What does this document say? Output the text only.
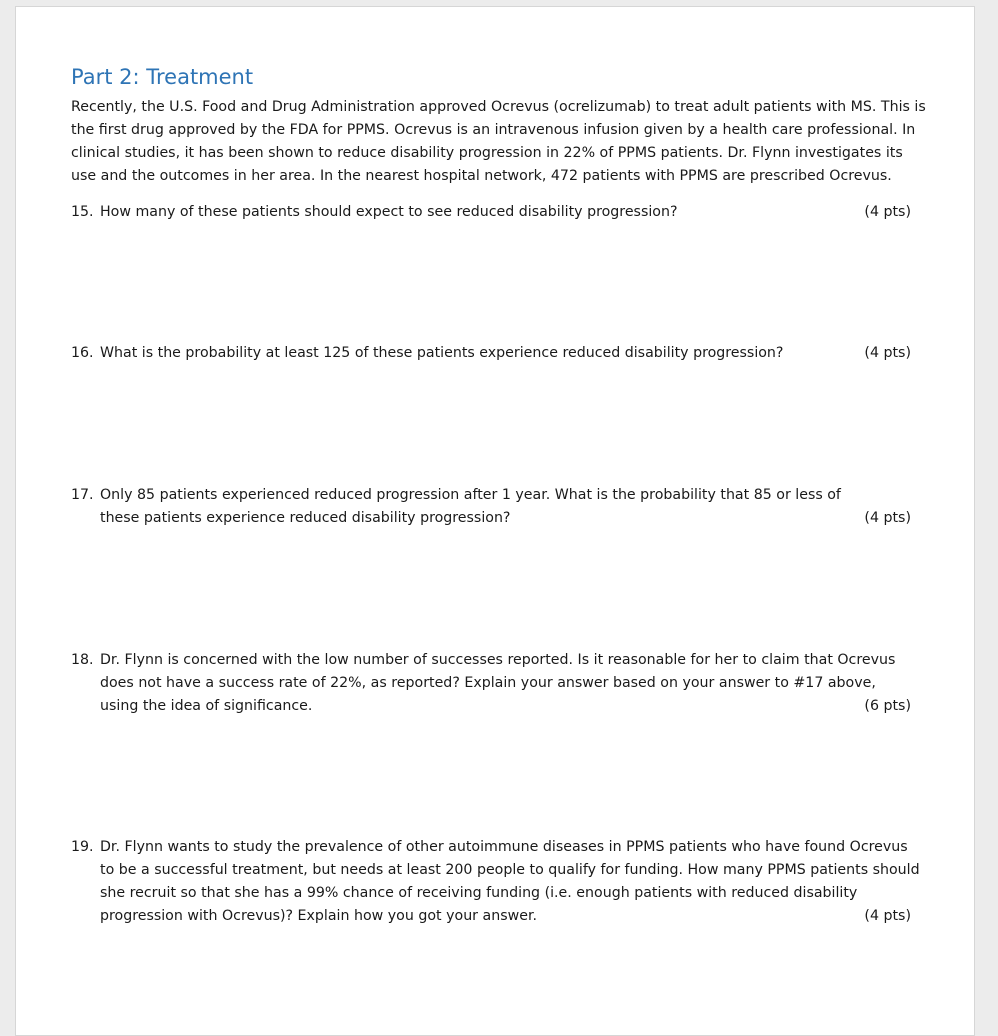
Part 2: Treatment
Recently, the U.S. Food and Drug Administration approved Ocrevus (ocrelizumab) to treat adult patients with MS. This is the first drug approved by the FDA for PPMS. Ocrevus is an intravenous infusion given by a health care professional. In clinical studies, it has been shown to reduce disability progression in 22% of PPMS patients. Dr. Flynn investigates its use and the outcomes in her area. In the nearest hospital network, 472 patients with PPMS are prescribed Ocrevus.
15. How many of these patients should expect to see reduced disability progression?	(4 pts)
16. What is the probability at least 125 of these patients experience reduced disability progression?	(4 pts)
17. Only 85 patients experienced reduced progression after 1 year. What is the probability that 85 or less of these patients experience reduced disability progression?	(4 pts)
18. Dr. Flynn is concerned with the low number of successes reported. Is it reasonable for her to claim that Ocrevus does not have a success rate of 22%, as reported? Explain your answer based on your answer to #17 above, using the idea of significance.	(6 pts)
19. Dr. Flynn wants to study the prevalence of other autoimmune diseases in PPMS patients who have found Ocrevus to be a successful treatment, but needs at least 200 people to qualify for funding. How many PPMS patients should she recruit so that she has a 99% chance of receiving funding (i.e. enough patients with reduced disability progression with Ocrevus)? Explain how you got your answer.	(4 pts)
